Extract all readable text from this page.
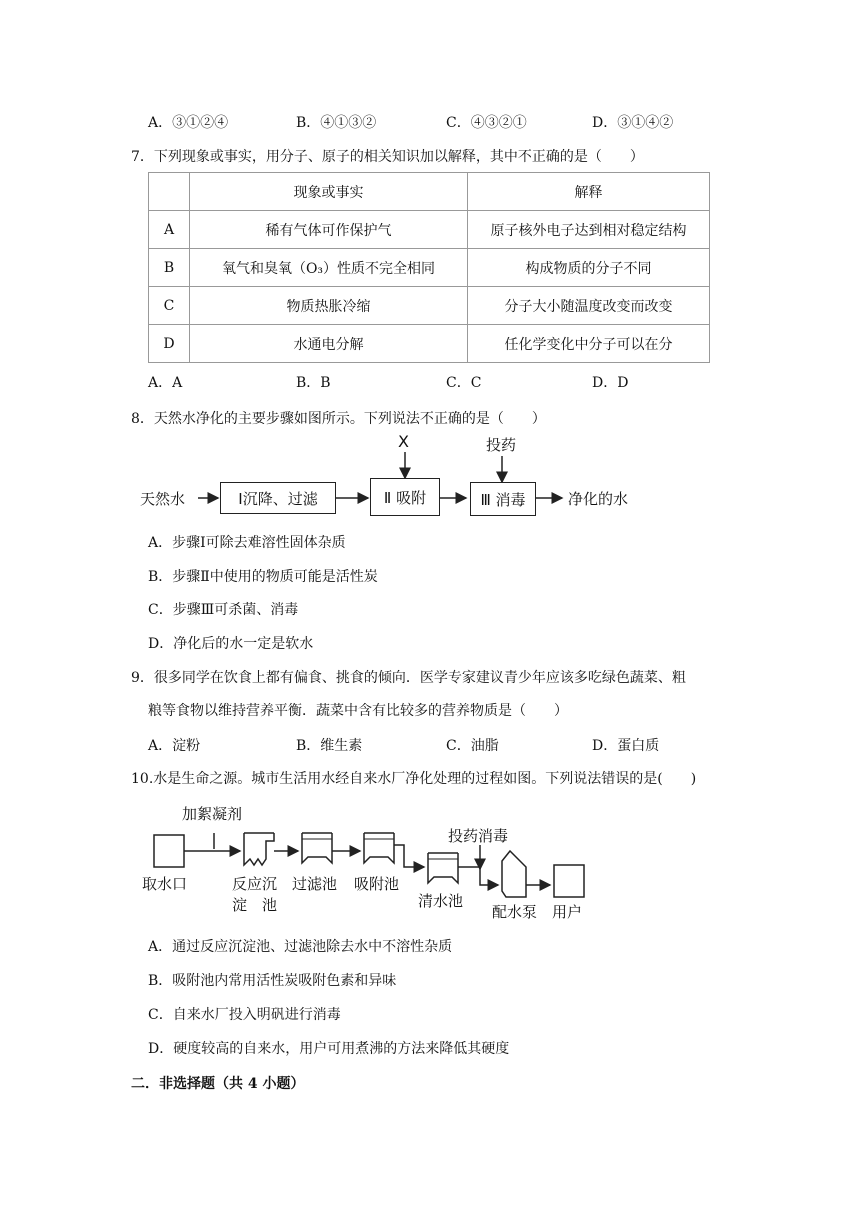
A．③①②④	B．④①③②	C．④③②①	D．③①④②
7．下列现象或事实，用分子、原子的相关知识加以解释，其中不正确的是（　　）
	现象或事实	解释
A	稀有气体可作保护气	原子核外电子达到相对稳定结构
B	氧气和臭氧（O₃）性质不完全相同	构成物质的分子不同
C	物质热胀冷缩	分子大小随温度改变而改变
D	水通电分解	任化学变化中分子可以在分
A．A	B．B	C．C	D．D
8．天然水净化的主要步骤如图所示。下列说法不正确的是（　　）
天然水	Ⅰ沉降、过滤	Ⅱ 吸附	Ⅲ 消毒	净化的水
X	投药
A．步骤Ⅰ可除去难溶性固体杂质
B．步骤Ⅱ中使用的物质可能是活性炭
C．步骤Ⅲ可杀菌、消毒
D．净化后的水一定是软水
9．很多同学在饮食上都有偏食、挑食的倾向．医学专家建议青少年应该多吃绿色蔬菜、粗
粮等食物以维持营养平衡．蔬菜中含有比较多的营养物质是（　　）
A．淀粉	B．维生素	C．油脂	D．蛋白质
10.水是生命之源。城市生活用水经自来水厂净化处理的过程如图。下列说法错误的是(　　)
加絮凝剂
取水口	反应沉
淀　池
过滤池 吸附池
投药消毒
清水池
配水泵 用户
A．通过反应沉淀池、过滤池除去水中不溶性杂质
B．吸附池内常用活性炭吸附色素和异味
C．自来水厂投入明矾进行消毒
D．硬度较高的自来水，用户可用煮沸的方法来降低其硬度
二．非选择题（共 4 小题）
